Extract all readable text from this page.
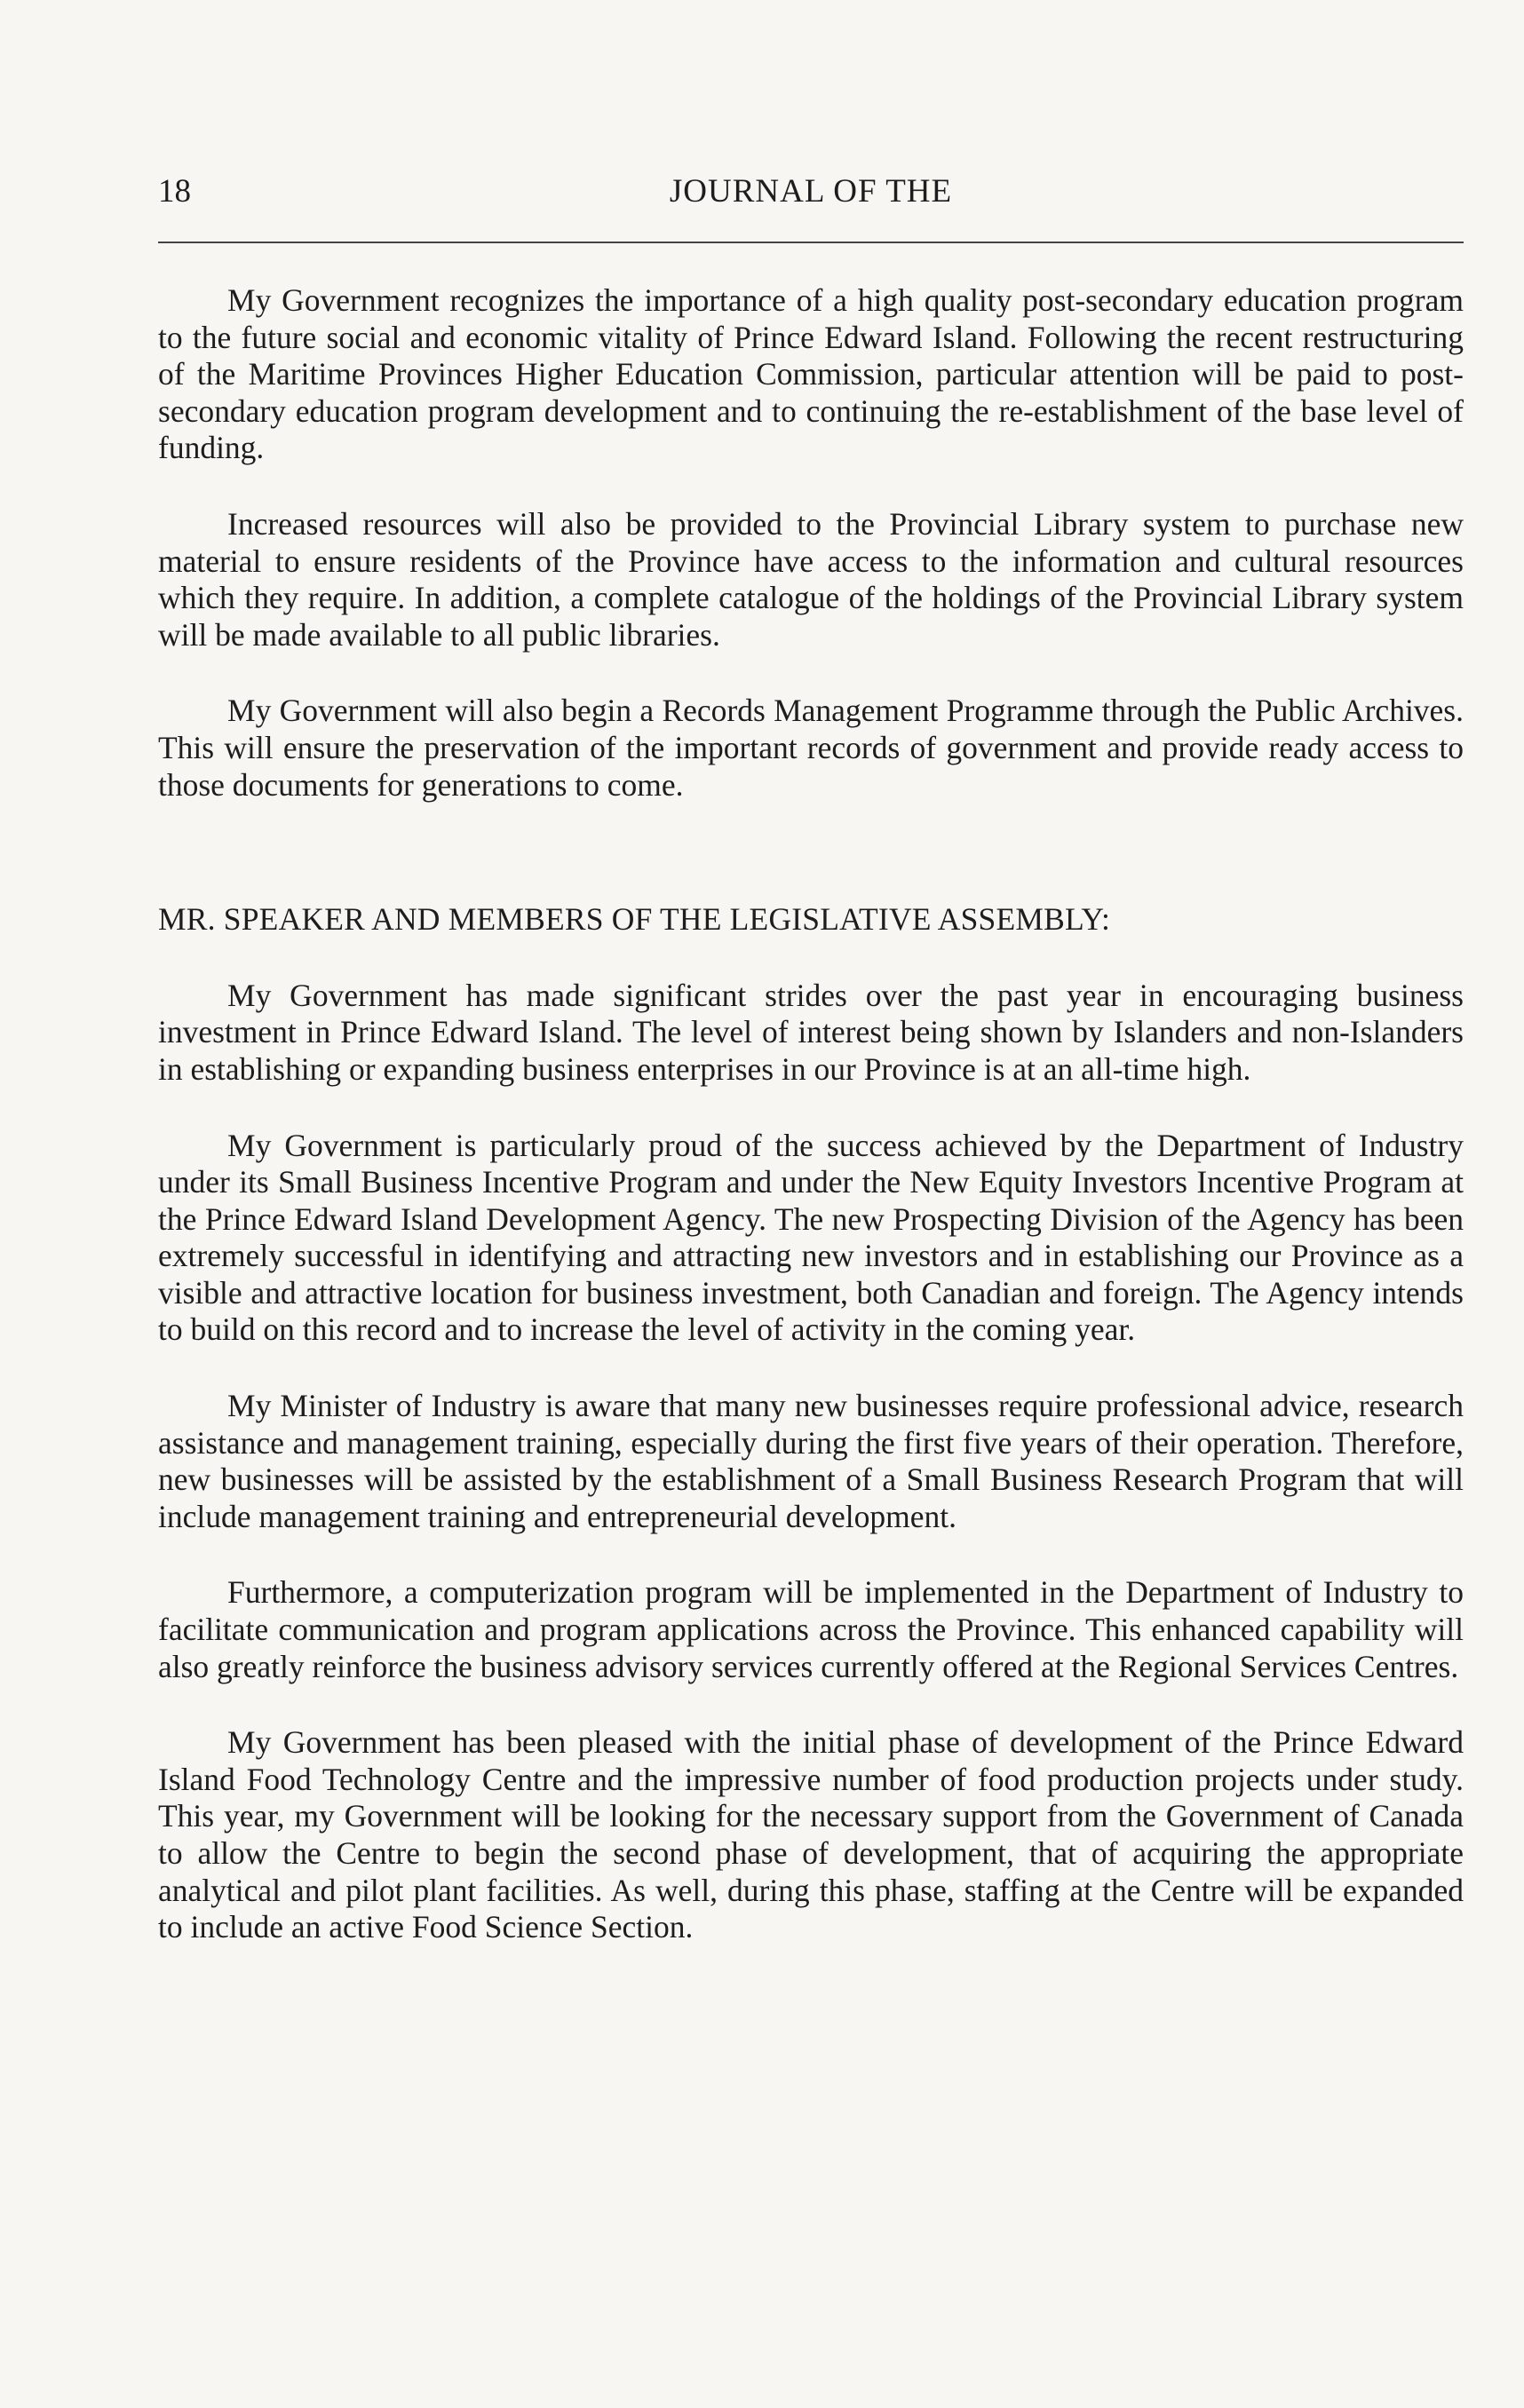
18	JOURNAL OF THE

My Government recognizes the importance of a high quality post-secondary education program to the future social and economic vitality of Prince Edward Island. Following the recent restructuring of the Maritime Provinces Higher Education Commission, particular attention will be paid to post-secondary education program development and to continuing the re-establishment of the base level of funding.

Increased resources will also be provided to the Provincial Library system to purchase new material to ensure residents of the Province have access to the information and cultural resources which they require. In addition, a complete catalogue of the holdings of the Provincial Library system will be made available to all public libraries.

My Government will also begin a Records Management Programme through the Public Archives. This will ensure the preservation of the important records of government and provide ready access to those documents for generations to come.

MR. SPEAKER AND MEMBERS OF THE LEGISLATIVE ASSEMBLY:

My Government has made significant strides over the past year in encouraging business investment in Prince Edward Island. The level of interest being shown by Islanders and non-Islanders in establishing or expanding business enterprises in our Province is at an all-time high.

My Government is particularly proud of the success achieved by the Department of Industry under its Small Business Incentive Program and under the New Equity Investors Incentive Program at the Prince Edward Island Development Agency. The new Prospecting Division of the Agency has been extremely successful in identifying and attracting new investors and in establishing our Province as a visible and attractive location for business investment, both Canadian and foreign. The Agency intends to build on this record and to increase the level of activity in the coming year.

My Minister of Industry is aware that many new businesses require professional advice, research assistance and management training, especially during the first five years of their operation. Therefore, new businesses will be assisted by the establishment of a Small Business Research Program that will include management training and entrepreneurial development.

Furthermore, a computerization program will be implemented in the Department of Industry to facilitate communication and program applications across the Province. This enhanced capability will also greatly reinforce the business advisory services currently offered at the Regional Services Centres.

My Government has been pleased with the initial phase of development of the Prince Edward Island Food Technology Centre and the impressive number of food production projects under study. This year, my Government will be looking for the necessary support from the Government of Canada to allow the Centre to begin the second phase of development, that of acquiring the appropriate analytical and pilot plant facilities. As well, during this phase, staffing at the Centre will be expanded to include an active Food Science Section.
